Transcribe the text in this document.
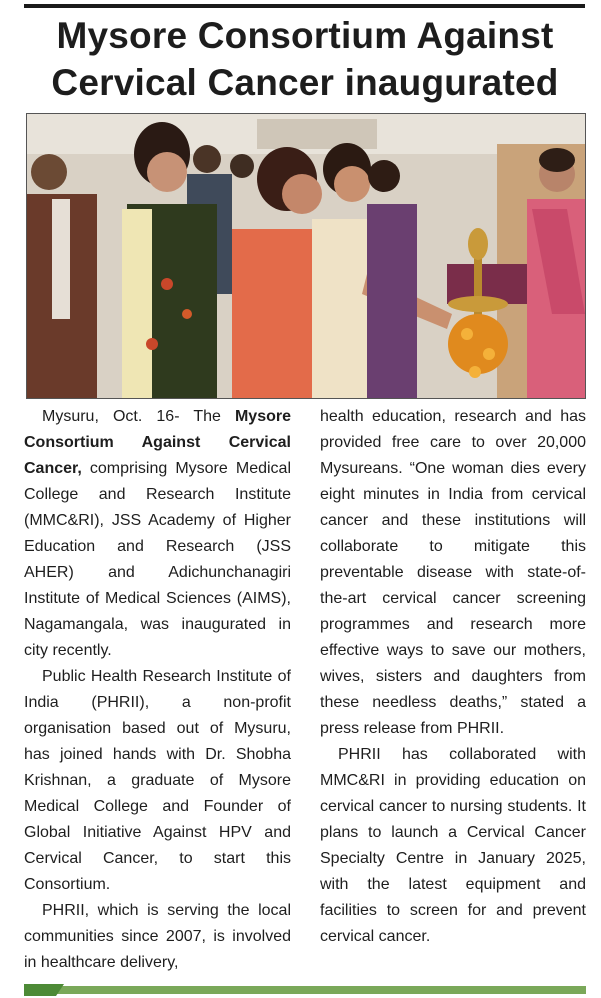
Mysore Consortium Against
Cervical Cancer inaugurated

Mysuru, Oct. 16- The Mysore Consortium Against Cervical Cancer, comprising Mysore Medical College and Research Institute (MMC&RI), JSS Academy of Higher Education and Research (JSS AHER) and Adichunchanagiri Institute of Medical Sciences (AIMS), Nagamangala, was inaugurated in city recently.

Public Health Research Institute of India (PHRII), a non-profit organisation based out of Mysuru, has joined hands with Dr. Shobha Krishnan, a graduate of Mysore Medical College and Founder of Global Initiative Against HPV and Cervical Cancer, to start this Consortium.

PHRII, which is serving the local communities since 2007, is involved in healthcare delivery,

health education, research and has provided free care to over 20,000 Mysureans. “One woman dies every eight minutes in India from cervical cancer and these institutions will collaborate to mitigate this preventable disease with state-of-the-art cervical cancer screening programmes and research more effective ways to save our mothers, wives, sisters and daughters from these needless deaths,” stated a press release from PHRII.

PHRII has collaborated with MMC&RI in providing education on cervical cancer to nursing students. It plans to launch a Cervical Cancer Specialty Centre in January 2025, with the latest equipment and facilities to screen for and prevent cervical cancer.
